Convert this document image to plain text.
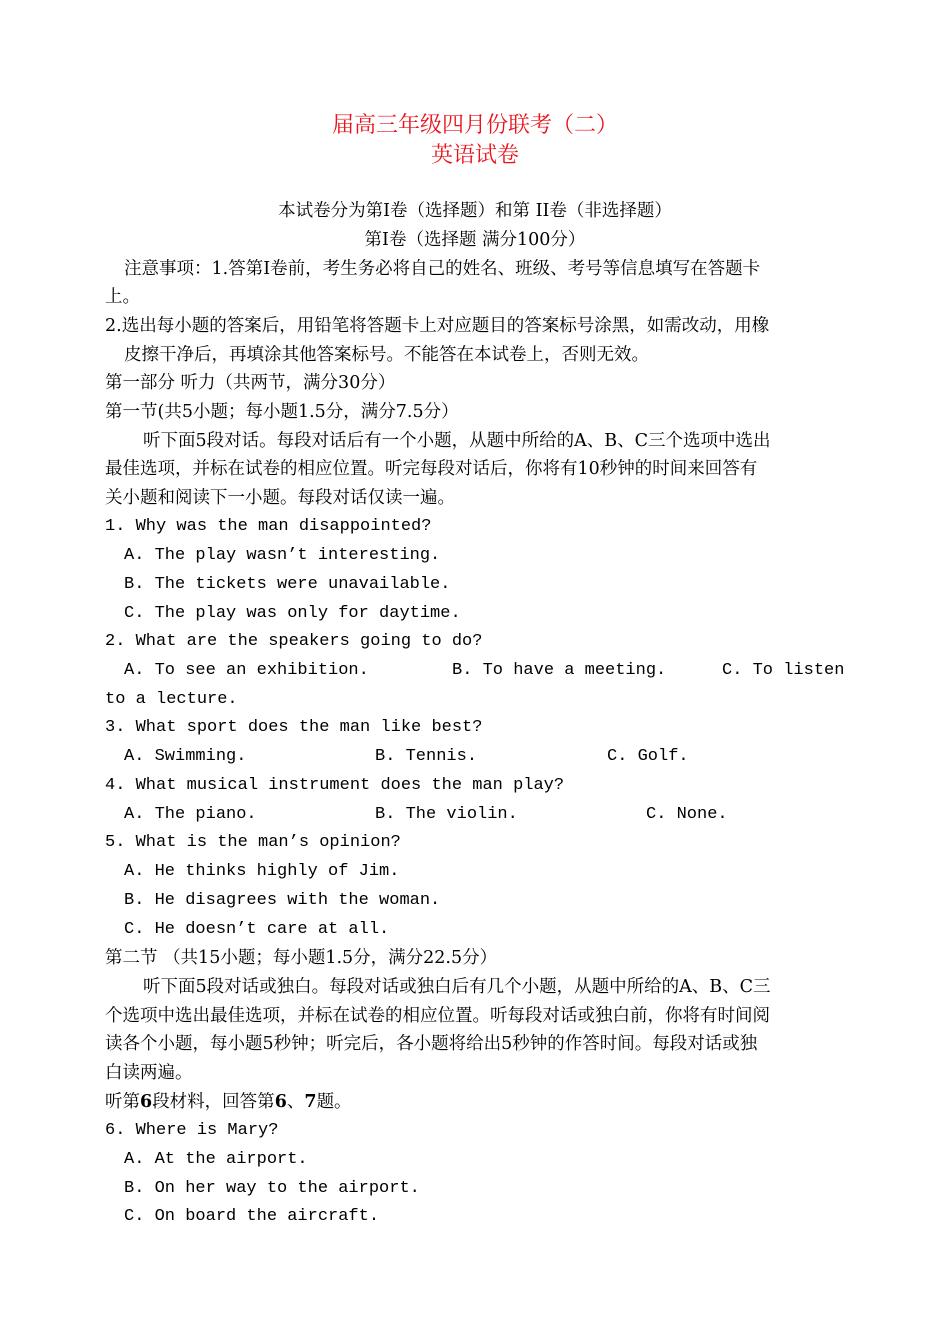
届高三年级四月份联考（二）
英语试卷
本试卷分为第Ⅰ卷（选择题）和第 II卷（非选择题）
第Ⅰ卷（选择题 满分100分）
注意事项：1.答第Ⅰ卷前，考生务必将自己的姓名、班级、考号等信息填写在答题卡
上。
2.选出每小题的答案后，用铅笔将答题卡上对应题目的答案标号涂黑，如需改动，用橡
皮擦干净后，再填涂其他答案标号。不能答在本试卷上，否则无效。
第一部分 听力（共两节，满分30分）
第一节(共5小题；每小题1.5分，满分7.5分）
听下面5段对话。每段对话后有一个小题，从题中所给的A、B、C三个选项中选出
最佳选项，并标在试卷的相应位置。听完每段对话后，你将有10秒钟的时间来回答有
关小题和阅读下一小题。每段对话仅读一遍。
1. Why was the man disappointed?
A. The play wasn’t interesting.
B. The tickets were unavailable.
C. The play was only for daytime.
2. What are the speakers going to do?
A. To see an exhibition.	B. To have a meeting.	C. To listen
to a lecture.
3. What sport does the man like best?
A. Swimming.	B. Tennis.	C. Golf.
4. What musical instrument does the man play?
A. The piano.	B. The violin.	C. None.
5. What is the man’s opinion?
A. He thinks highly of Jim.
B. He disagrees with the woman.
C. He doesn’t care at all.
第二节 （共15小题；每小题1.5分，满分22.5分）
听下面5段对话或独白。每段对话或独白后有几个小题，从题中所给的A、B、C三
个选项中选出最佳选项，并标在试卷的相应位置。听每段对话或独白前，你将有时间阅
读各个小题，每小题5秒钟；听完后，各小题将给出5秒钟的作答时间。每段对话或独
白读两遍。
听第6段材料，回答第6、7题。
6. Where is Mary?
A. At the airport.
B. On her way to the airport.
C. On board the aircraft.
